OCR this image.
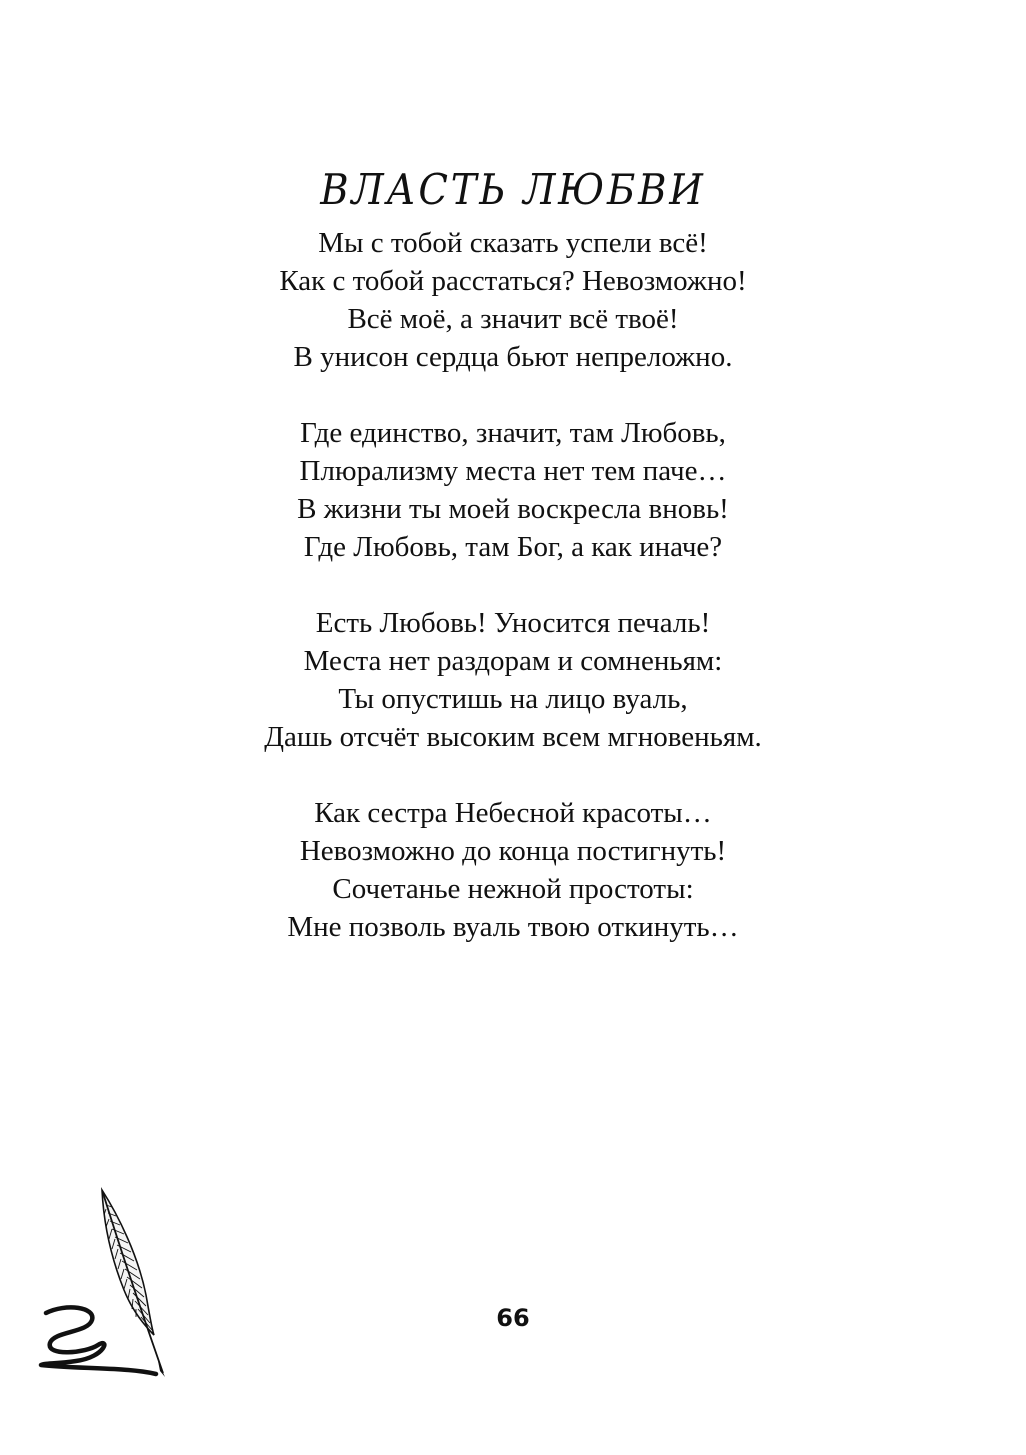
ВЛАСТЬ ЛЮБВИ
Мы с тобой сказать успели всё!
Как с тобой расстаться? Невозможно!
Всё моё, а значит всё твоё!
В унисон сердца бьют непреложно.
Где единство, значит, там Любовь,
Плюрализму места нет тем паче…
В жизни ты моей воскресла вновь!
Где Любовь, там Бог, а как иначе?
Есть Любовь! Уносится печаль!
Места нет раздорам и сомненьям:
Ты опустишь на лицо вуаль,
Дашь отсчёт высоким всем мгновеньям.
Как сестра Небесной красоты…
Невозможно до конца постигнуть!
Сочетанье нежной простоты:
Мне позволь вуаль твою откинуть…
66
